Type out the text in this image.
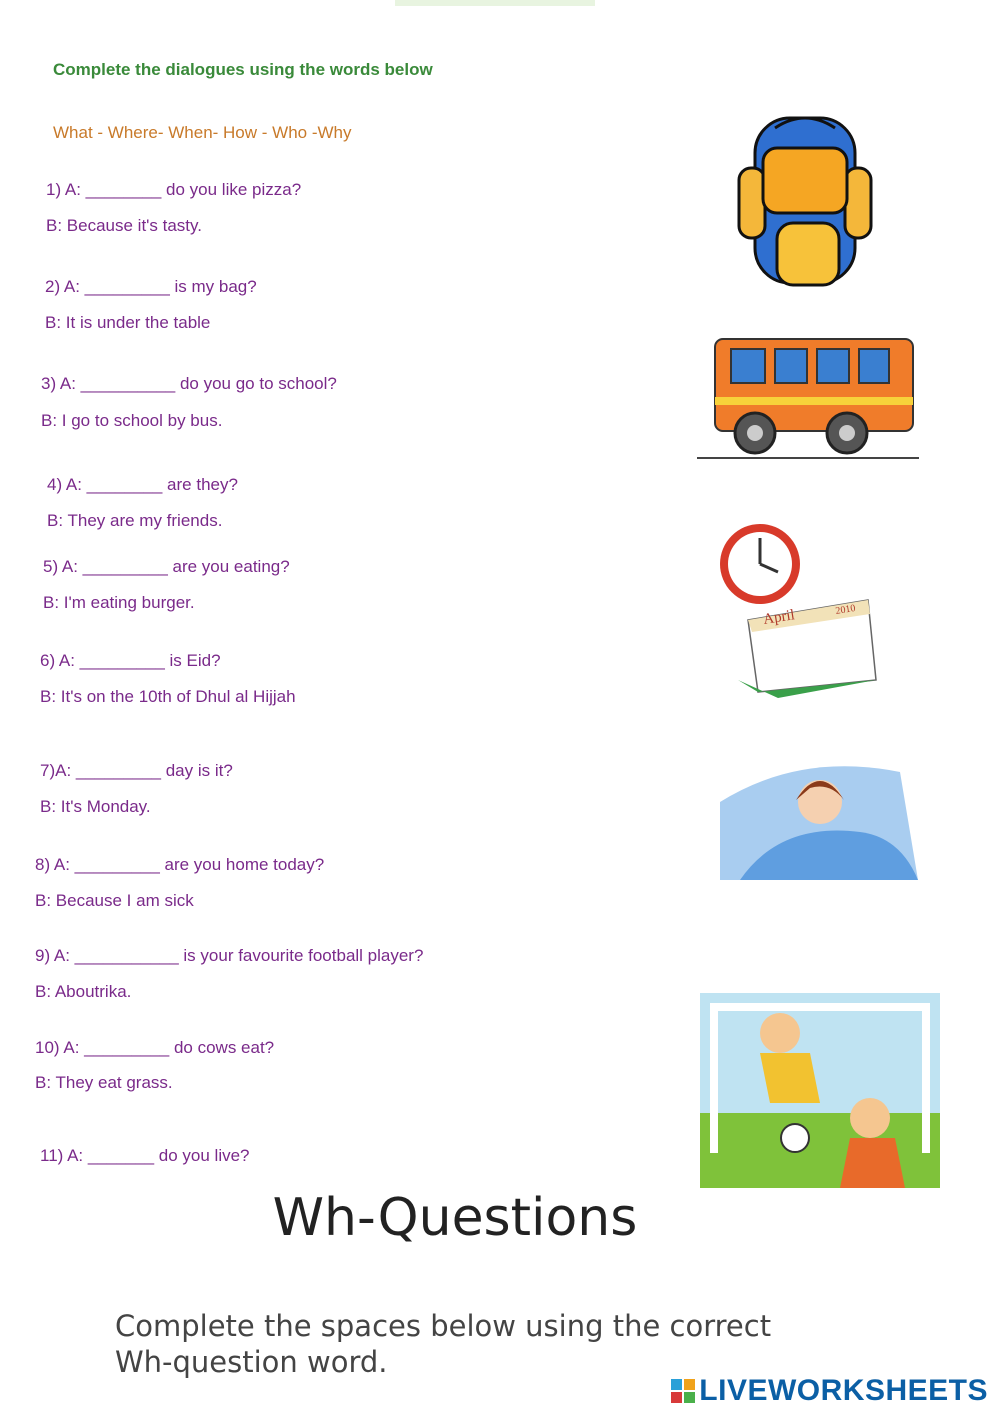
Complete the dialogues using the words below
What - Where- When- How - Who -Why
1) A: ________ do you like pizza?
B: Because it's tasty.
2) A: _________ is my bag?
B: It is under the table
3) A: __________ do you go to school?
B: I go to school by bus.
4) A: ________ are they?
B: They are my friends.
5) A: _________ are you eating?
B: I'm eating burger.
6) A: _________ is Eid?
B: It's on the 10th of Dhul al Hijjah
7)A: _________ day is it?
B: It's Monday.
8) A: _________ are you home today?
B: Because I am sick
9) A: ___________ is your favourite football player?
B: Aboutrika.
10) A: _________ do cows eat?
B: They eat grass.
11) A: _______ do you live?
April	2010
Wh-Questions
Complete the spaces below using the correct Wh-question word.
LIVEWORKSHEETS
